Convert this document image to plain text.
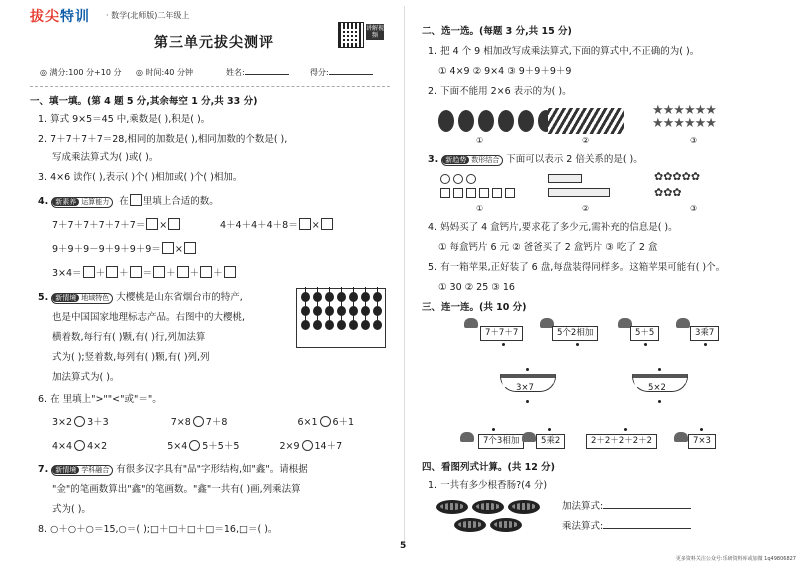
拔尖特训 · 数学(北师版)二年级上
第三单元拔尖测评
讲解视频
◎ 满分:100 分+10 分 ◎ 时间:40 分钟	姓名:	得分:
一、填一填。(第 4 题 5 分,其余每空 1 分,共 33 分)
1. 算式 9×5＝45 中,乘数是( ),积是( )。
2. 7＋7＋7＋7＝28,相同的加数是( ),相同加数的个数是( ),
写成乘法算式为( )或( )。
3. 4×6 读作( ),表示( )个( )相加或( )个( )相加。
4. 新素养 运算能力 在 里填上合适的数。
7＋7＋7＋7＋7＋7＝ ×	4＋4＋4＋4＋8＝ ×
9＋9＋9－9＋9＋9＋9＝ ×
3×4＝ ＋ ＋ ＝ ＋ ＋ ＋
5. 新情境 地域特色 大樱桃是山东省烟台市的特产,
也是中国国家地理标志产品。右图中的大樱桃,
横着数,每行有( )颗,有( )行,列加法算
式为( );竖着数,每列有( )颗,有( )列,列
加法算式为( )。
6. 在 里填上">""<"或"＝"。
3×2 3＋3	7×8 7＋8	6×1 6＋1
4×4 4×2	5×4 5＋5＋5	2×9 14＋7
7. 新情境 学科融合 有很多汉字具有"品"字形结构,如"鑫"。请根据
"金"的笔画数算出"鑫"的笔画数。"鑫"一共有( )画,列乘法算
式为( )。
8. ○＋○＋○＝15,○＝( );□＋□＋□＋□＝16,□＝( )。
二、选一选。(每题 3 分,共 15 分)
1. 把 4 个 9 相加改写成乘法算式,下面的算式中,不正确的为( )。
① 4×9 ② 9×4 ③ 9＋9＋9＋9
2. 下面不能用 2×6 表示的为( )。
★★★★★★
★★★★★★
①	②	③
3. 新趋势 数形结合 下面可以表示 2 倍关系的是( )。
✿✿✿✿✿
✿✿✿
①	②	③
4. 妈妈买了 4 盒钙片,要求花了多少元,需补充的信息是( )。
① 每盒钙片 6 元 ② 爸爸买了 2 盒钙片 ③ 吃了 2 盒
5. 有一箱苹果,正好装了 6 盘,每盘装得同样多。这箱苹果可能有( )个。
① 30 ② 25 ③ 16
三、连一连。(共 10 分)
7＋7＋7	5个2相加	5＋5	3乘7
3×7	5×2
7个3相加	5乘2	2＋2＋2＋2＋2	7×3
四、看图列式计算。(共 12 分)
1. 一共有多少根香肠?(4 分)
加法算式:
乘法算式:
5
更多资料关注公众号:乐研资料库或加微 1q49806827
